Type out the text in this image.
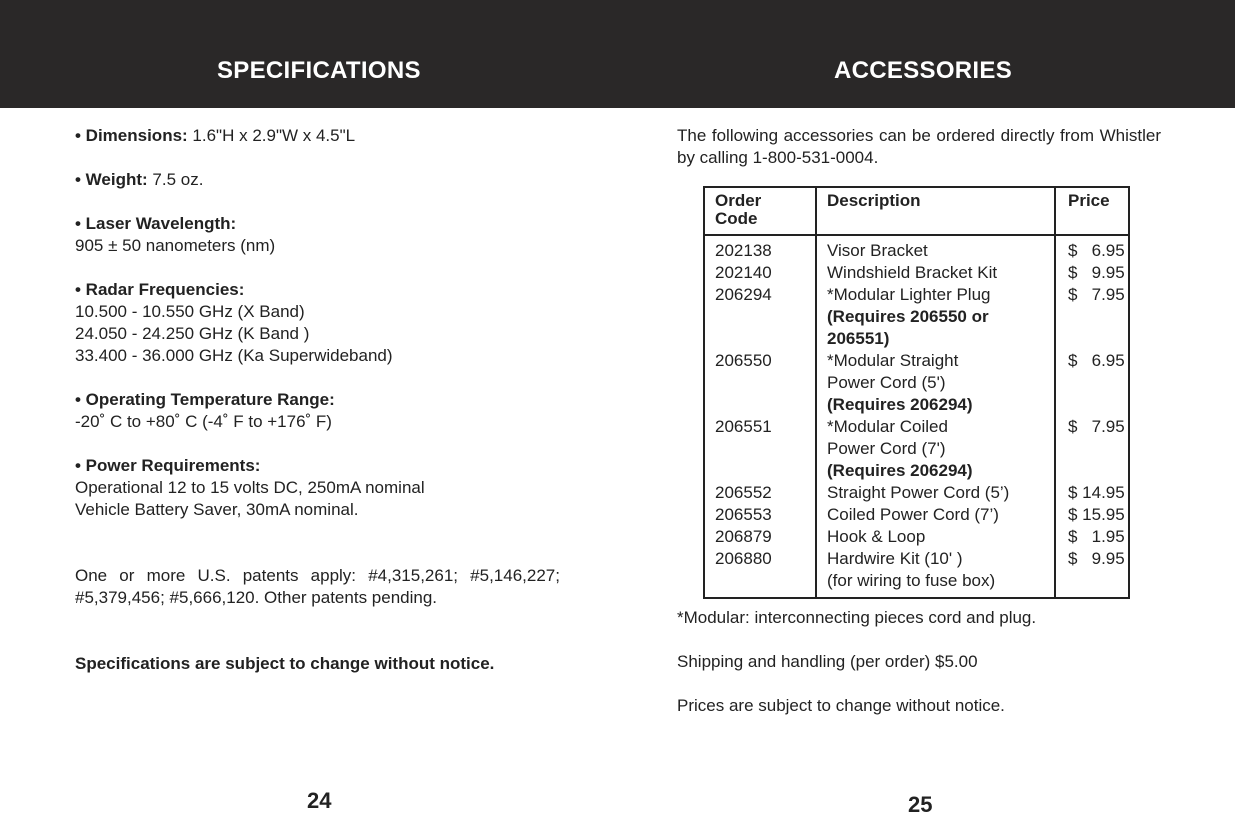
SPECIFICATIONS	ACCESSORIES

• Dimensions: 1.6"H x 2.9"W x 4.5"L

• Weight: 7.5 oz.

• Laser Wavelength:

905 ± 50 nanometers (nm)

• Radar Frequencies:

10.500 - 10.550 GHz (X Band)

24.050 - 24.250 GHz (K Band )

33.400 - 36.000 GHz (Ka Superwideband)

• Operating Temperature Range:

-20˚ C to +80˚ C (-4˚ F to +176˚ F)

• Power Requirements:

Operational 12 to 15 volts DC, 250mA nominal

Vehicle Battery Saver, 30mA nominal.

One or more U.S. patents apply: #4,315,261; #5,146,227; #5,379,456; #5,666,120. Other patents pending.

Specifications are subject to change without notice.

The following accessories can be ordered directly from Whistler by calling 1-800-531-0004.

Order
Code	Description	Price

202138	Visor Bracket	$   6.95

202140	Windshield Bracket Kit	$   9.95

206294	*Modular Lighter Plug
(Requires 206550 or
206551)	$   7.95

206550	*Modular Straight
Power Cord (5')
(Requires 206294)	$   6.95

206551	*Modular Coiled
Power Cord (7')
(Requires 206294)	$   7.95

206552	Straight Power Cord (5’)	$ 14.95

206553	Coiled Power Cord (7’)	$ 15.95

206879	Hook & Loop	$   1.95

206880	Hardwire Kit (10' )
(for wiring to fuse box)	$   9.95

*Modular: interconnecting pieces cord and plug.

Shipping and handling (per order) $5.00

Prices are subject to change without notice.

24	25
